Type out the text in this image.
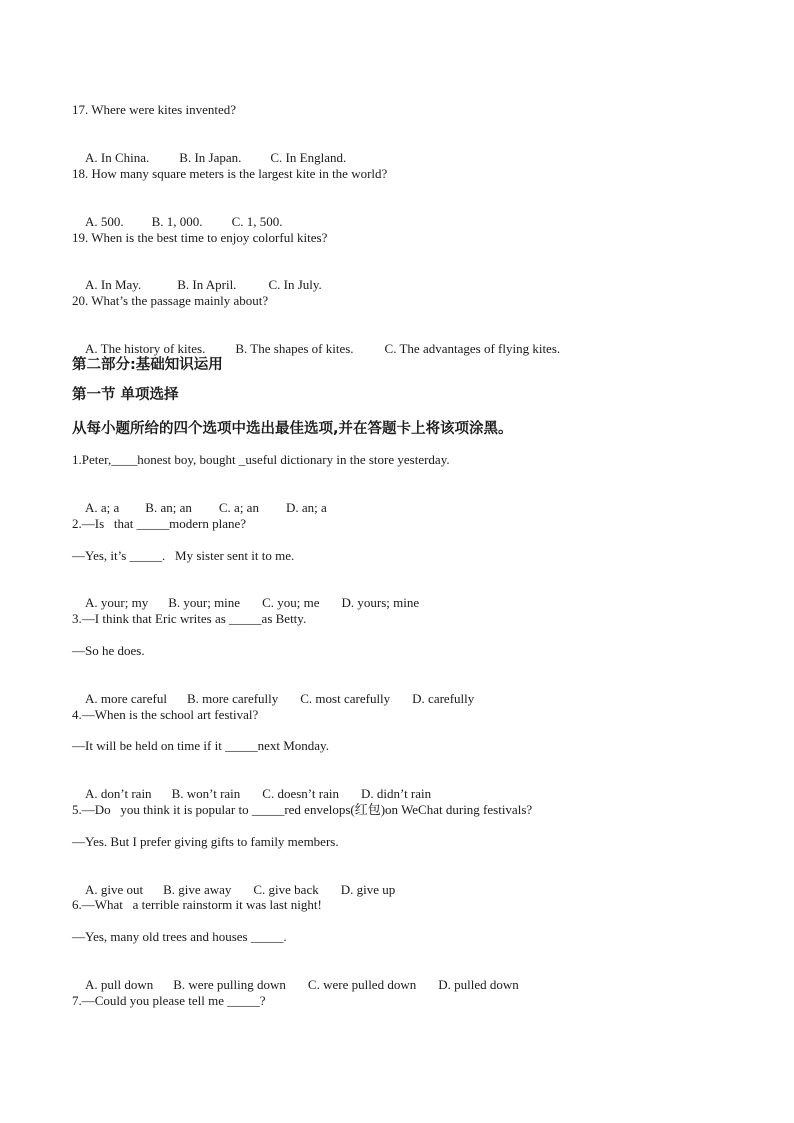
17. Where were kites invented?

A. In China. B. In Japan. C. In England.

18. How many square meters is the largest kite in the world?

A. 500. B. 1, 000. C. 1, 500.

19. When is the best time to enjoy colorful kites?

A. In May.	B. In April. C. In July.

20. What’s the passage mainly about?

A. The history of kites. B. The shapes of kites. C. The advantages of flying kites.

第二部分:基础知识运用
第一节 单项选择
从每小题所给的四个选项中选出最佳选项,并在答题卡上将该项涂黑。
1.Peter,____honest boy, bought _useful dictionary in the store yesterday.

A. a; a B. an; an C. a; an D. an; a

2.—Is   that _____modern plane?
—Yes, it’s _____.   My sister sent it to me.

A. your; my B. your; mine C. you; me D. yours; mine

3.—I think that Eric writes as _____as Betty.
—So he does.

A. more careful B. more carefully C. most carefully D. carefully

4.—When is the school art festival?
—It will be held on time if it _____next Monday.

A. don’t rain B. won’t rain C. doesn’t rain D. didn’t rain

5.—Do   you think it is popular to _____red envelops(红包)on WeChat during festivals?
—Yes. But I prefer giving gifts to family members.

A. give out B. give away C. give back D. give up

6.—What   a terrible rainstorm it was last night!
—Yes, many old trees and houses _____.

A. pull down B. were pulling down C. were pulled down D. pulled down

7.—Could you please tell me _____?
